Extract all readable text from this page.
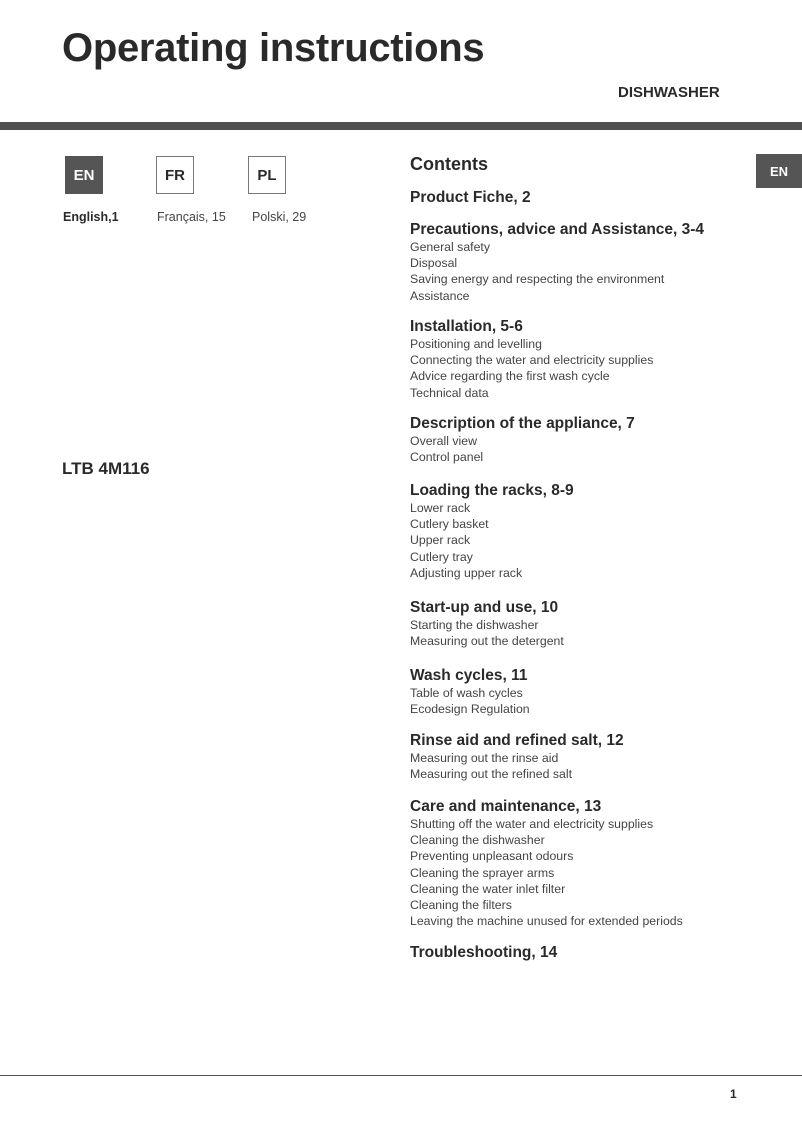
Operating instructions
DISHWASHER
EN	FR	PL
English,1	Français, 15 Polski, 29
LTB 4M116
EN
Contents
Product Fiche, 2
Precautions, advice and Assistance, 3-4
General safety
Disposal
Saving energy and respecting the environment
Assistance
Installation, 5-6
Positioning and levelling
Connecting the water and electricity supplies
Advice regarding the first wash cycle
Technical data
Description of the appliance, 7
Overall view
Control panel
Loading the racks, 8-9
Lower rack
Cutlery basket
Upper rack
Cutlery tray
Adjusting upper rack
Start-up and use, 10
Starting the dishwasher
Measuring out the detergent
Wash cycles, 11
Table of wash cycles
Ecodesign Regulation
Rinse aid and refined salt, 12
Measuring out the rinse aid
Measuring out the refined salt
Care and maintenance, 13
Shutting off the water and electricity supplies
Cleaning the dishwasher
Preventing unpleasant odours
Cleaning the sprayer arms
Cleaning the water inlet filter
Cleaning the filters
Leaving the machine unused for extended periods
Troubleshooting, 14
1
